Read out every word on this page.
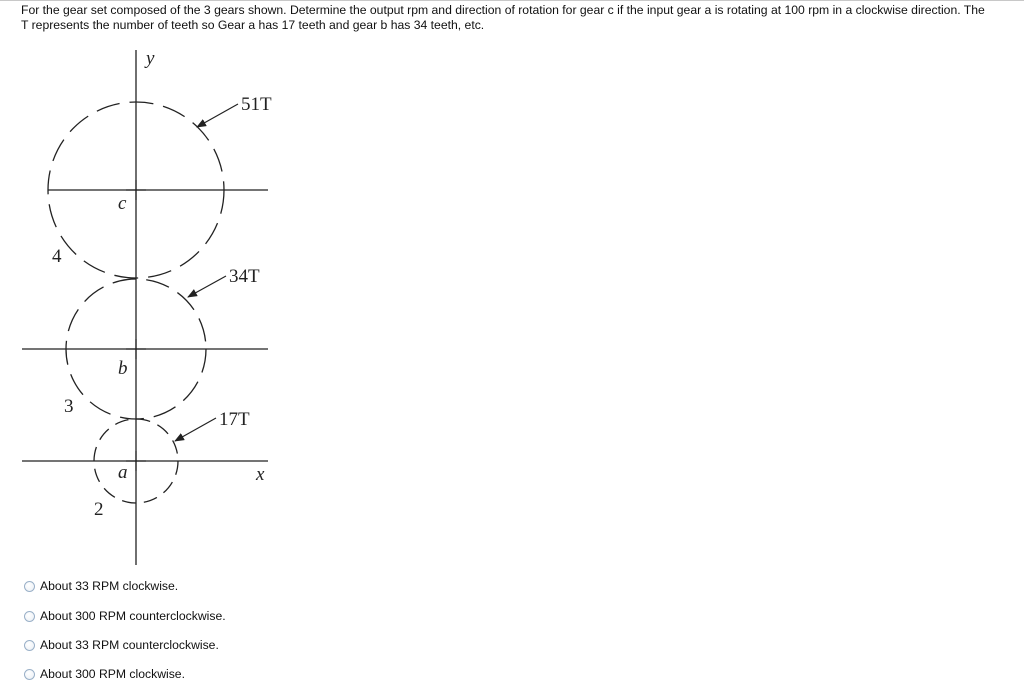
For the gear set composed of the 3 gears shown. Determine the output rpm and direction of rotation for gear c if the input gear a is rotating at 100 rpm in a clockwise direction. The
T represents the number of teeth so Gear a has 17 teeth and gear b has 34 teeth, etc.
y
x
51T
34T
17T
c
b
a
4
3
2
About 33 RPM clockwise.
About 300 RPM counterclockwise.
About 33 RPM counterclockwise.
About 300 RPM clockwise.
